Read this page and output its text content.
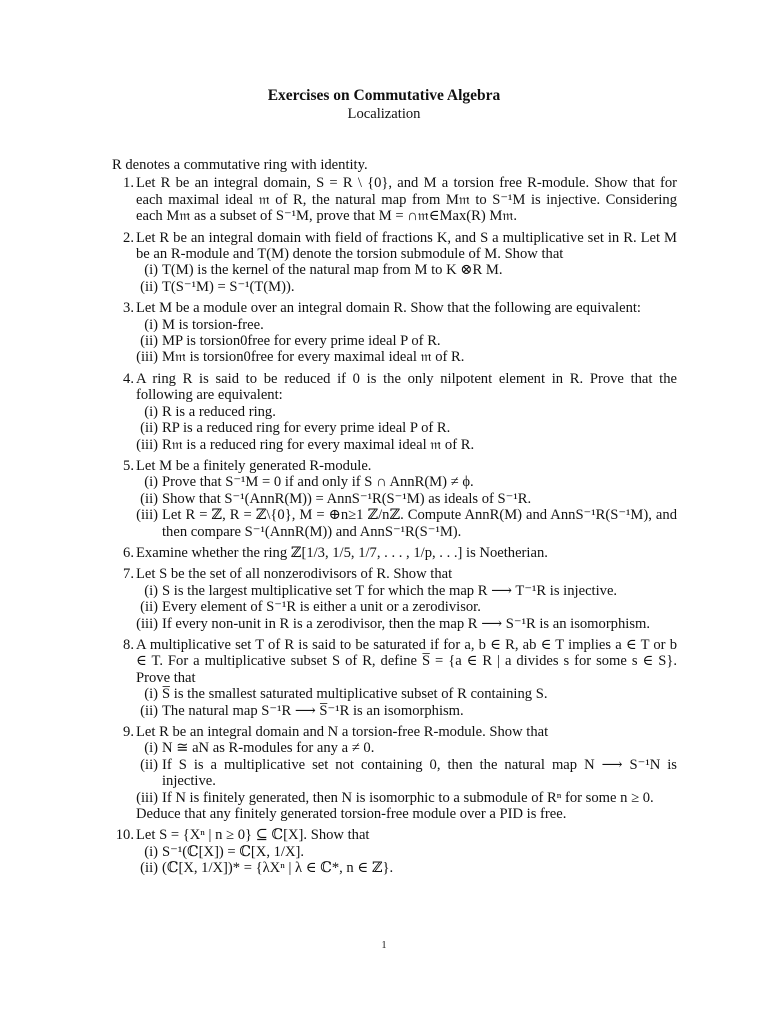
Exercises on Commutative Algebra
Localization

R denotes a commutative ring with identity.

1. Let R be an integral domain, S = R \ {0}, and M a torsion free R-module. Show that for each maximal ideal 𝔪 of R, the natural map from M𝔪 to S⁻¹M is injective. Considering each M𝔪 as a subset of S⁻¹M, prove that M = ∩𝔪∈Max(R) M𝔪.
2. Let R be an integral domain with field of fractions K, and S a multiplicative set in R. Let M be an R-module and T(M) denote the torsion submodule of M. Show that
(i) T(M) is the kernel of the natural map from M to K ⊗R M.
(ii) T(S⁻¹M) = S⁻¹(T(M)).
3. Let M be a module over an integral domain R. Show that the following are equivalent:
(i) M is torsion-free.
(ii) MP is torsion0free for every prime ideal P of R.
(iii) M𝔪 is torsion0free for every maximal ideal 𝔪 of R.
4. A ring R is said to be reduced if 0 is the only nilpotent element in R. Prove that the following are equivalent:
(i) R is a reduced ring.
(ii) RP is a reduced ring for every prime ideal P of R.
(iii) R𝔪 is a reduced ring for every maximal ideal 𝔪 of R.
5. Let M be a finitely generated R-module.
(i) Prove that S⁻¹M = 0 if and only if S ∩ AnnR(M) ≠ ϕ.
(ii) Show that S⁻¹(AnnR(M)) = AnnS⁻¹R(S⁻¹M) as ideals of S⁻¹R.
(iii) Let R = ℤ, R = ℤ\{0}, M = ⊕n≥1 ℤ/nℤ. Compute AnnR(M) and AnnS⁻¹R(S⁻¹M), and then compare S⁻¹(AnnR(M)) and AnnS⁻¹R(S⁻¹M).
6. Examine whether the ring ℤ[1/3, 1/5, 1/7, . . . , 1/p, . . .] is Noetherian.
7. Let S be the set of all nonzerodivisors of R. Show that
(i) S is the largest multiplicative set T for which the map R ⟶ T⁻¹R is injective.
(ii) Every element of S⁻¹R is either a unit or a zerodivisor.
(iii) If every non-unit in R is a zerodivisor, then the map R ⟶ S⁻¹R is an isomorphism.
8. A multiplicative set T of R is said to be saturated if for a, b ∈ R, ab ∈ T implies a ∈ T or b ∈ T. For a multiplicative subset S of R, define S̅ = {a ∈ R | a divides s for some s ∈ S}. Prove that
(i) S̅ is the smallest saturated multiplicative subset of R containing S.
(ii) The natural map S⁻¹R ⟶ S̅⁻¹R is an isomorphism.
9. Let R be an integral domain and N a torsion-free R-module. Show that
(i) N ≅ aN as R-modules for any a ≠ 0.
(ii) If S is a multiplicative set not containing 0, then the natural map N ⟶ S⁻¹N is injective.
(iii) If N is finitely generated, then N is isomorphic to a submodule of Rⁿ for some n ≥ 0.
Deduce that any finitely generated torsion-free module over a PID is free.
10. Let S = {Xⁿ | n ≥ 0} ⊆ ℂ[X]. Show that
(i) S⁻¹(ℂ[X]) = ℂ[X, 1/X].
(ii) (ℂ[X, 1/X])* = {λXⁿ | λ ∈ ℂ*, n ∈ ℤ}.
1
